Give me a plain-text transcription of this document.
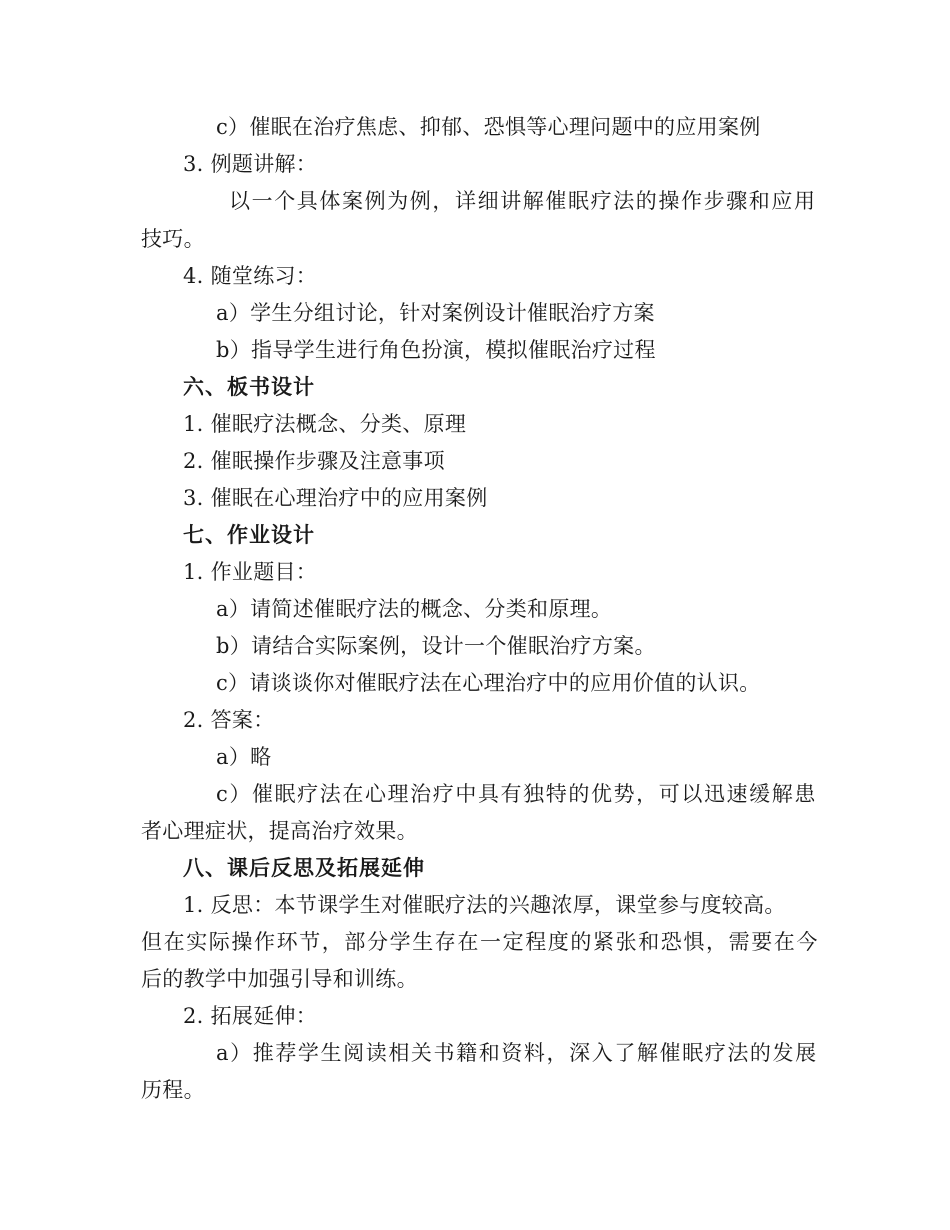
c）催眠在治疗焦虑、抑郁、恐惧等心理问题中的应用案例
3. 例题讲解：
以一个具体案例为例，详细讲解催眠疗法的操作步骤和应用
技巧。
4. 随堂练习：
a）学生分组讨论，针对案例设计催眠治疗方案
b）指导学生进行角色扮演，模拟催眠治疗过程
六、板书设计
1. 催眠疗法概念、分类、原理
2. 催眠操作步骤及注意事项
3. 催眠在心理治疗中的应用案例
七、作业设计
1. 作业题目：
a）请简述催眠疗法的概念、分类和原理。
b）请结合实际案例，设计一个催眠治疗方案。
c）请谈谈你对催眠疗法在心理治疗中的应用价值的认识。
2. 答案：
a）略
c）催眠疗法在心理治疗中具有独特的优势，可以迅速缓解患
者心理症状，提高治疗效果。
八、课后反思及拓展延伸
1. 反思：本节课学生对催眠疗法的兴趣浓厚，课堂参与度较高。
但在实际操作环节，部分学生存在一定程度的紧张和恐惧，需要在今
后的教学中加强引导和训练。
2. 拓展延伸：
a）推荐学生阅读相关书籍和资料，深入了解催眠疗法的发展
历程。
